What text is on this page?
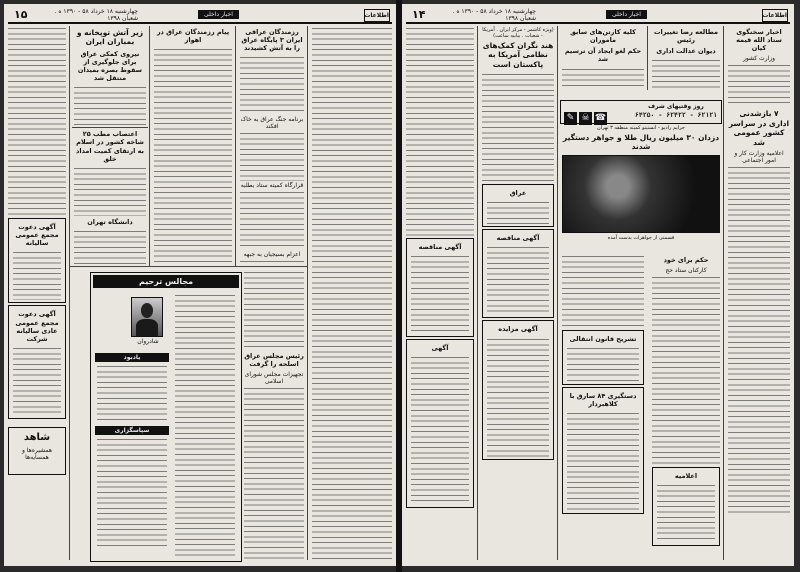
۱۵	چهارشنبه ۱۸ خرداد ۵۸ - ۱۳۹۰ ه . شعبان ۱۳۹۸
اخبار داخلی	اطلاعات
رزمندگان عراقی ایران ۳ پایگاه عراق را به آتش کشیدند
برنامه جنگ عراق به خاک افکند
قرارگاه کمیته ستاد بطلبه
اعزام بسیجیان به جبهه
پیام رزمندگان عراق در اهواز
زیر آتش توپخانه و بمباران ایران
نیروی کمکی عراق برای جلوگیری از سقوط بصره بمیدان منتقل شد
اعتصاب مطب ۲۵ شاخه کشور در اسلام به ارتقای کمیت امداد خلق
دانشگاه تهران
آگهی دعوت مجمع عمومی سالیانه
آگهی دعوت مجمع عمومی عادی سالیانه شرکت
شاهد
همشیره‌ها و همسایه‌ها
مجالس ترحیم
شادروان
یادبود
سپاسگزاری
رئیس مجلس عراق اسلحه را گرفت
تجهیزات مجلس شورای اسلامی
۱۴	چهارشنبه ۱۸ خرداد ۵۸ - ۱۳۹۰ ه . شعبان ۱۳۹۸
اخبار داخلی	اطلاعات
اخبار سخنگوی ستاد الله قیمه کیان
وزارت کشور
۷ بازشدنی اداری در سراسر کشور عمومی شد
اعلامیه وزارت کار و امور اجتماعی
مطالعه رضا تغییرات رئیس
دیوان عدالت اداری
کلیه کارتن‌های سابق ماموران
حکم لغو ایجاد آن ترسیم شد
☎☠✎
روز وقتیهای شرف
۶۴۲۵۰ - ۶۲۴۲۲ - ۶۲۱۲۱
جرایم رادیو - انستیتو کمیته منطقه ۳ تهران
دزدان ۳۰ میلیون ریال طلا و جواهر دستگیر شدند
قسمتی از جواهرات بدست آمده
تشریح قانون انتقالی
دستگیری ۸۴ سارق با کلاهبردار
حکم برای خود
کارکنان ستاد حج
اعلامیه
(ویژه کاشمر - مرکز ایران . آمریکا - شعبات . بیانیه ساعت)
هند نگران کمک‌های نظامی آمریکا به پاکستان است
عراق
آگهی مناقصه
آگهی مزایده
آگهی مناقصه
آگهی
